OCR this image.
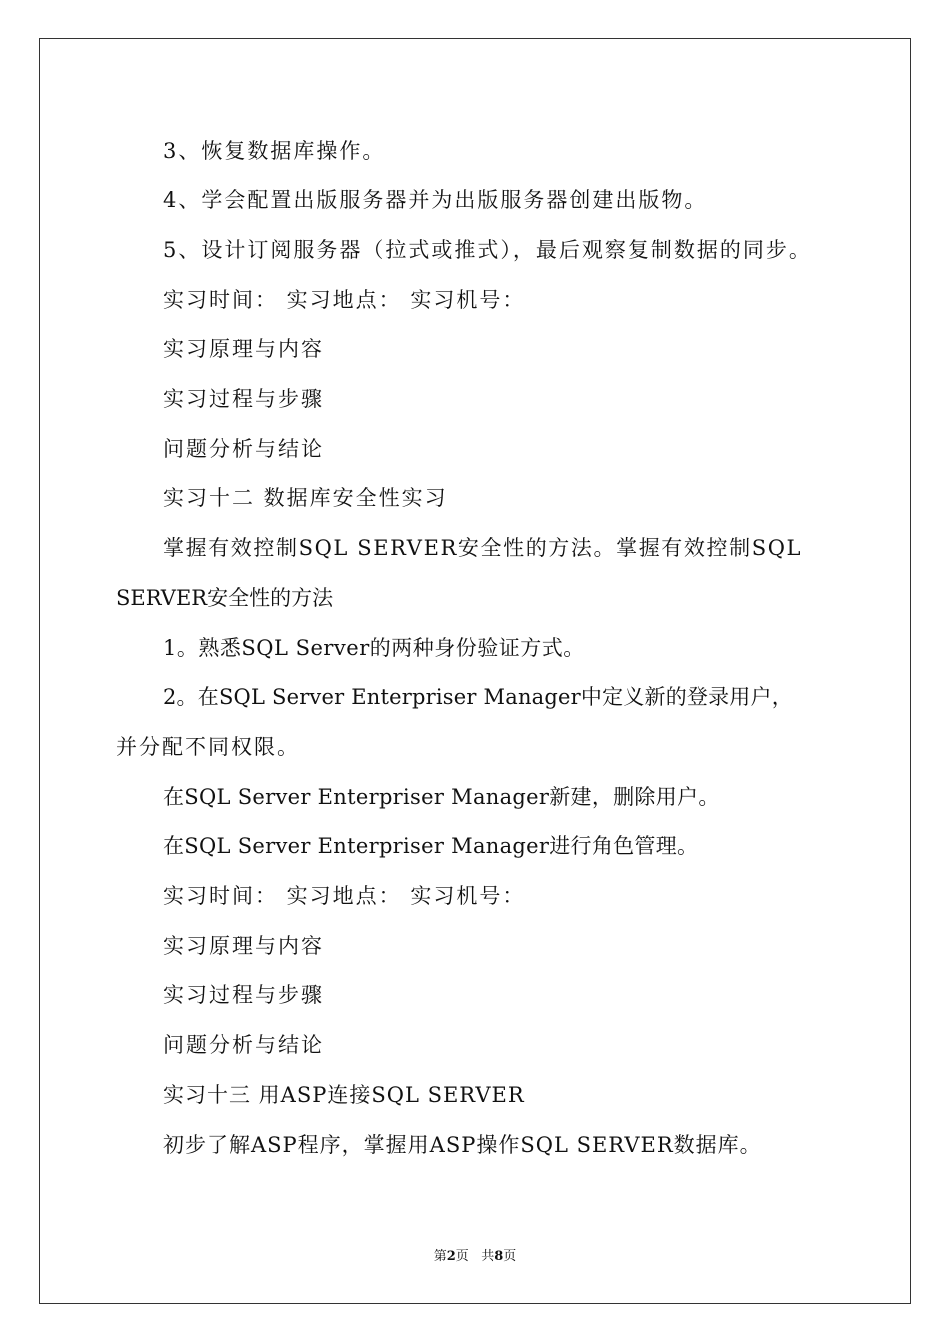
3、恢复数据库操作。
4、学会配置出版服务器并为出版服务器创建出版物。
5、设计订阅服务器（拉式或推式），最后观察复制数据的同步。
实习时间： 实习地点： 实习机号：
实习原理与内容
实习过程与步骤
问题分析与结论
实习十二 数据库安全性实习
掌握有效控制SQL SERVER安全性的方法。掌握有效控制SQL
SERVER安全性的方法
1。熟悉SQL Server的两种身份验证方式。
2。在SQL Server Enterpriser Manager中定义新的登录用户，
并分配不同权限。
在SQL Server Enterpriser Manager新建，删除用户。
在SQL Server Enterpriser Manager进行角色管理。
实习时间： 实习地点： 实习机号：
实习原理与内容
实习过程与步骤
问题分析与结论
实习十三 用ASP连接SQL SERVER
初步了解ASP程序，掌握用ASP操作SQL SERVER数据库。
第2页 共8页
